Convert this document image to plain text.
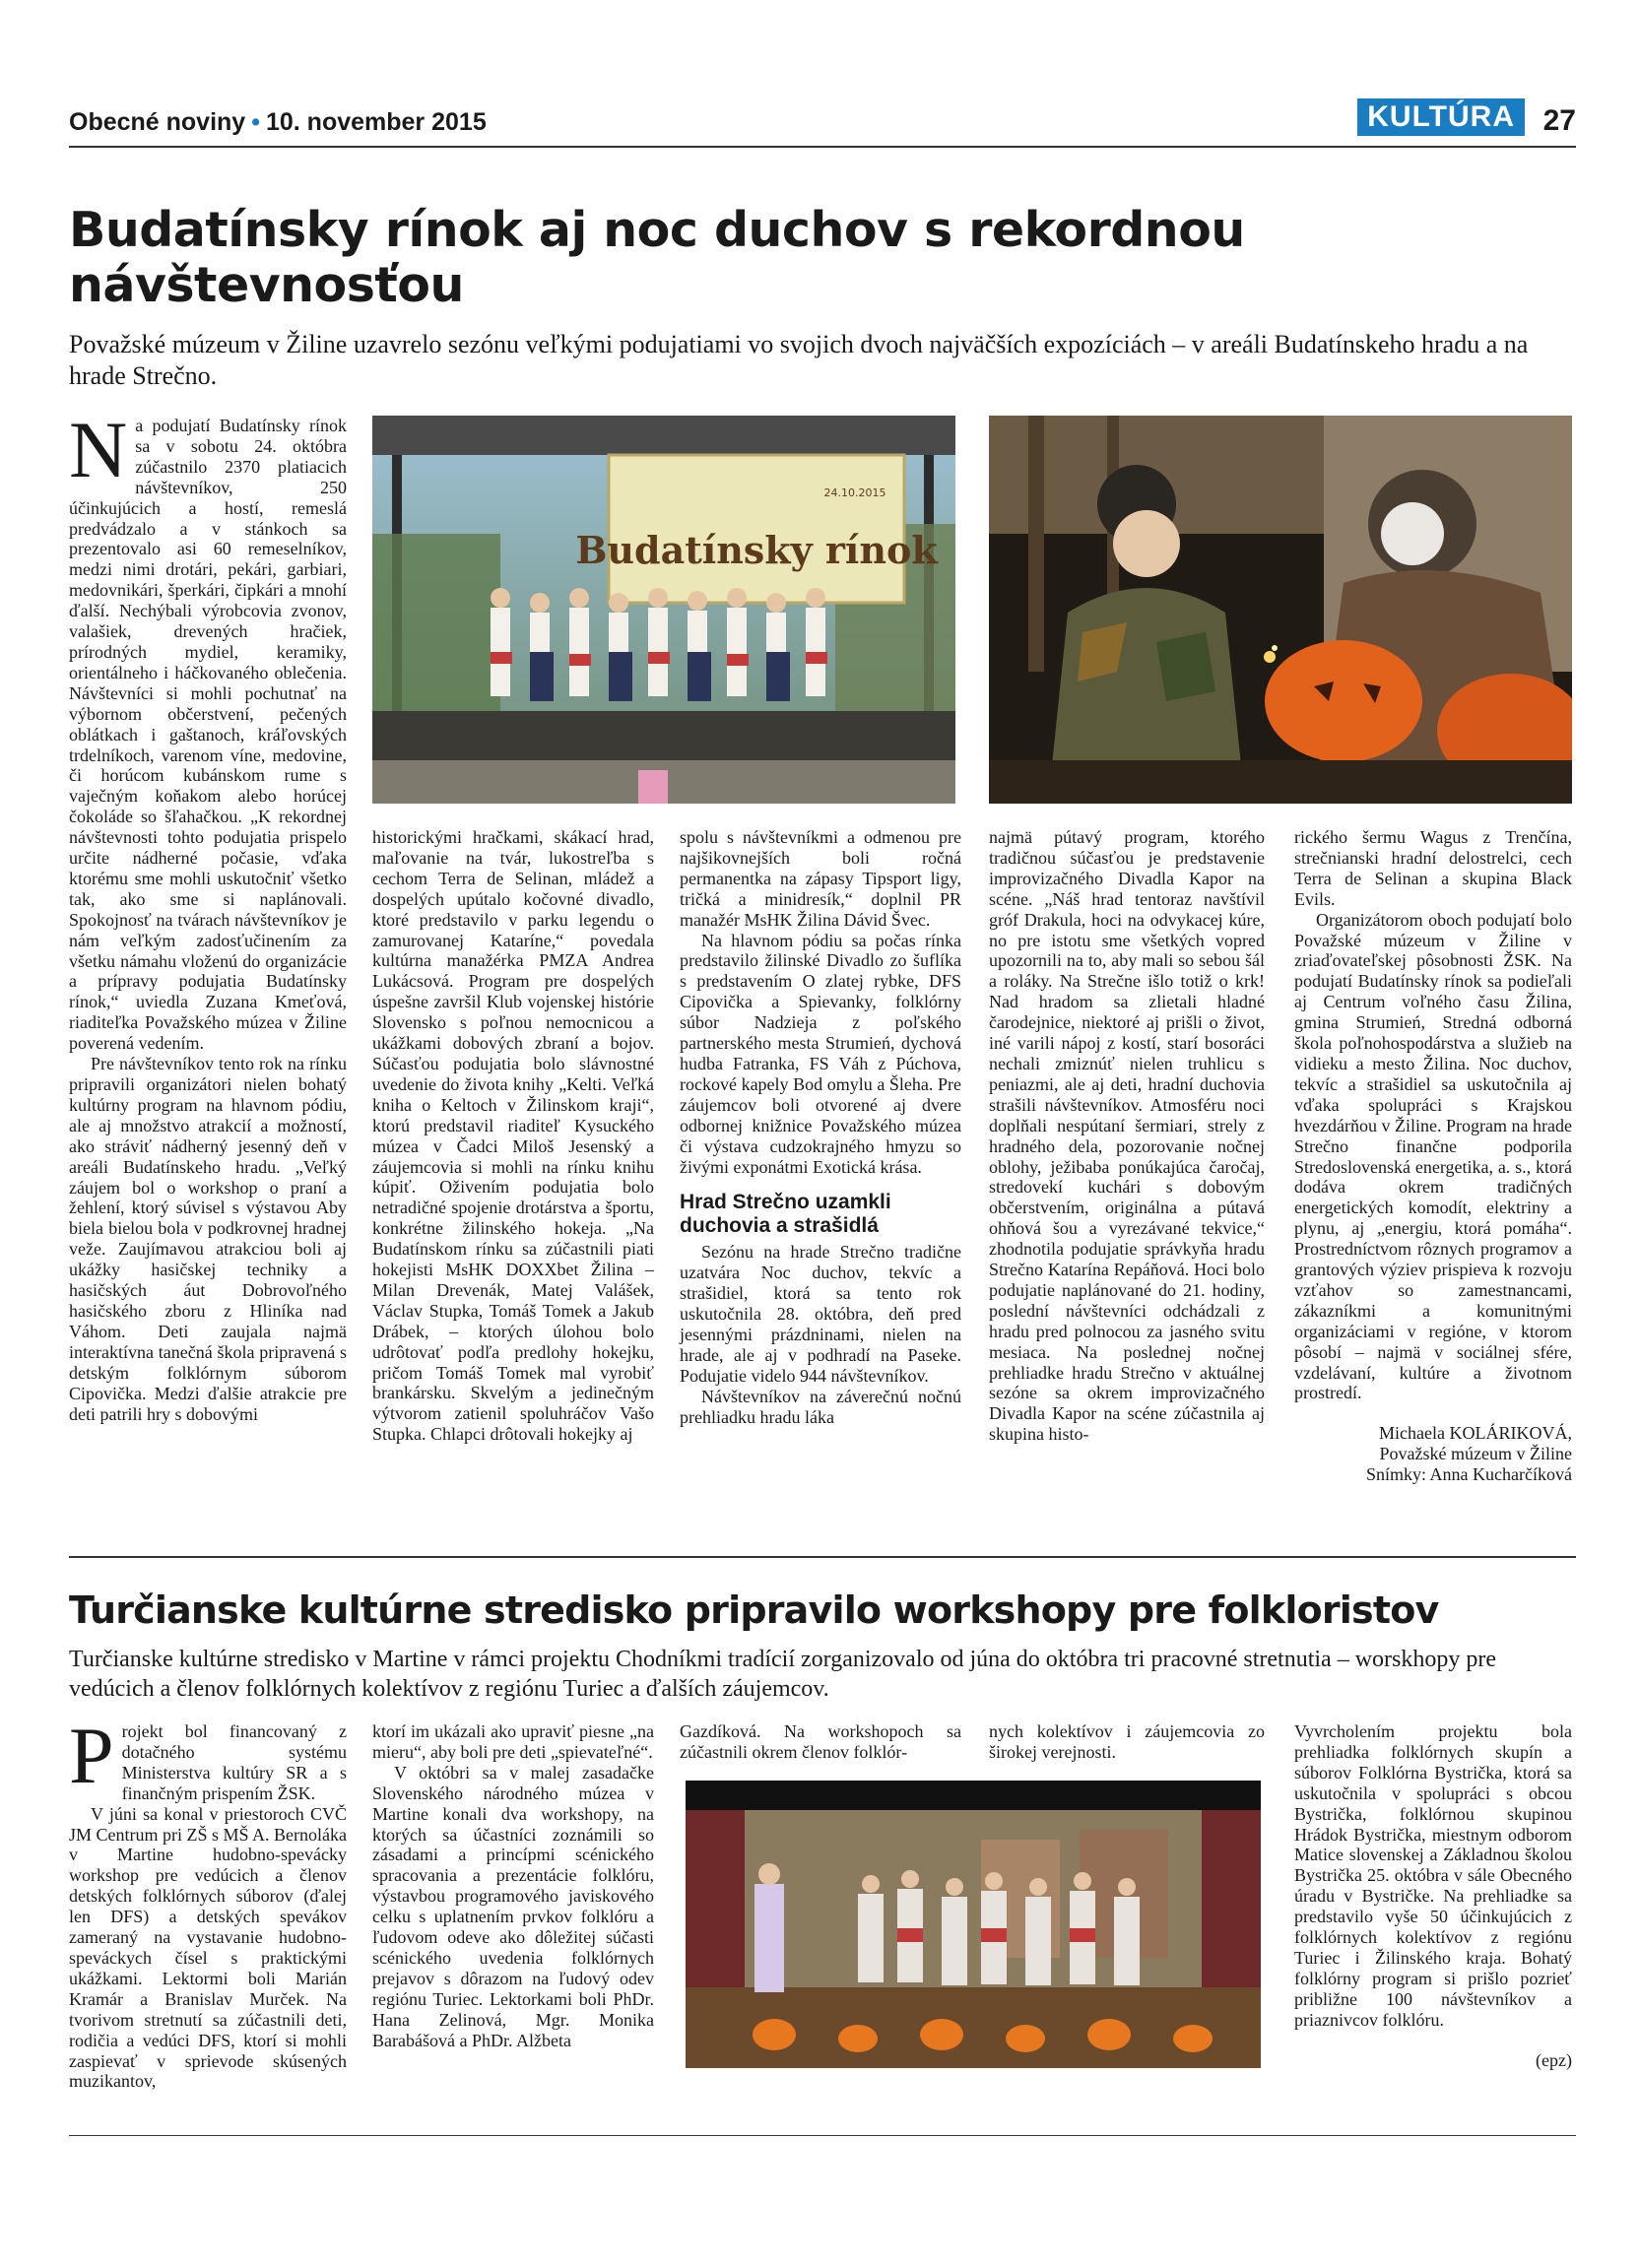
Obecné noviny • 10. november 2015	KULTÚRA 27
Budatínsky rínok aj noc duchov s rekordnou návštevnosťou
Považské múzeum v Žiline uzavrelo sezónu veľkými podujatiami vo svojich dvoch najväčších expozíciách – v areáli Budatínskeho hradu a na hrade Strečno.

Na podujatí Budatínsky rínok sa v sobotu 24. októbra zúčastnilo 2370 platiacich návštevníkov, 250 účinkujúcich a hostí, remeslá predvádzalo a v stánkoch sa prezentovalo asi 60 remeselníkov, medzi nimi drotári, pekári, garbiari, medovnikári, šperkári, čipkári a mnohí ďalší. Nechýbali výrobcovia zvonov, valašiek, drevených hračiek, prírodných mydiel, keramiky, orientálneho i háčkovaného oblečenia. Návštevníci si mohli pochutnať na výbornom občerstvení, pečených oblátkach i gaštanoch, kráľovských trdelníkoch, varenom víne, medovine, či horúcom kubánskom rume s vaječným koňakom alebo horúcej čokoláde so šľahačkou. „K rekordnej návštevnosti tohto podujatia prispelo určite nádherné počasie, vďaka ktorému sme mohli uskutočniť všetko tak, ako sme si naplánovali. Spokojnosť na tvárach návštevníkov je nám veľkým zadosťučinením za všetku námahu vloženú do organizácie a prípravy podujatia Budatínsky rínok,“ uviedla Zuzana Kmeťová, riaditeľka Považského múzea v Žiline poverená vedením.

Pre návštevníkov tento rok na rínku pripravili organizátori nielen bohatý kultúrny program na hlavnom pódiu, ale aj množstvo atrakcií a možností, ako stráviť nádherný jesenný deň v areáli Budatínskeho hradu. „Veľký záujem bol o workshop o praní a žehlení, ktorý súvisel s výstavou Aby biela bielou bola v podkrovnej hradnej veže. Zaujímavou atrakciou boli aj ukážky hasičskej techniky a hasičských áut Dobrovoľného hasičského zboru z Hliníka nad Váhom. Deti zaujala najmä interaktívna tanečná škola pripravená s detským folklórnym súborom Cipovička. Medzi ďalšie atrakcie pre deti patrili hry s dobovými

Budatínsky rínok
24.10.2015

historickými hračkami, skákací hrad, maľovanie na tvár, lukostreľba s cechom Terra de Selinan, mládež a dospelých upútalo kočovné divadlo, ktoré predstavilo v parku legendu o zamurovanej Kataríne,“ povedala kultúrna manažérka PMZA Andrea Lukácsová. Program pre dospelých úspešne završil Klub vojenskej histórie Slovensko s poľnou nemocnicou a ukážkami dobových zbraní a bojov. Súčasťou podujatia bolo slávnostné uvedenie do života knihy „Kelti. Veľká kniha o Keltoch v Žilinskom kraji“, ktorú predstavil riaditeľ Kysuckého múzea v Čadci Miloš Jesenský a záujemcovia si mohli na rínku knihu kúpiť. Oživením podujatia bolo netradičné spojenie drotárstva a športu, konkrétne žilinského hokeja. „Na Budatínskom rínku sa zúčastnili piati hokejisti MsHK DOXXbet Žilina – Milan Drevenák, Matej Valášek, Václav Stupka, Tomáš Tomek a Jakub Drábek, – ktorých úlohou bolo udrôtovať podľa predlohy hokejku, pričom Tomáš Tomek mal vyrobiť brankársku. Skvelým a jedinečným výtvorom zatienil spoluhráčov Vašo Stupka. Chlapci drôtovali hokejky aj

spolu s návštevníkmi a odmenou pre najšikovnejších boli ročná permanentka na zápasy Tipsport ligy, tričká a minidresík,“ doplnil PR manažér MsHK Žilina Dávid Švec.

Na hlavnom pódiu sa počas rínka predstavilo žilinské Divadlo zo šuflíka s predstavením O zlatej rybke, DFS Cipovička a Spievanky, folklórny súbor Nadzieja z poľského partnerského mesta Strumień, dychová hudba Fatranka, FS Váh z Púchova, rockové kapely Bod omylu a Šleha. Pre záujemcov boli otvorené aj dvere odbornej knižnice Považského múzea či výstava cudzokrajného hmyzu so živými exponátmi Exotická krása.

Hrad Strečno uzamkli duchovia a strašidlá

Sezónu na hrade Strečno tradične uzatvára Noc duchov, tekvíc a strašidiel, ktorá sa tento rok uskutočnila 28. októbra, deň pred jesennými prázdninami, nielen na hrade, ale aj v podhradí na Paseke. Podujatie videlo 944 návštevníkov.

Návštevníkov na záverečnú nočnú prehliadku hradu láka

najmä pútavý program, ktorého tradičnou súčasťou je predstavenie improvizačného Divadla Kapor na scéne. „Náš hrad tentoraz navštívil gróf Drakula, hoci na odvykacej kúre, no pre istotu sme všetkých vopred upozornili na to, aby mali so sebou šál a roláky. Na Strečne išlo totiž o krk! Nad hradom sa zlietali hladné čarodejnice, niektoré aj prišli o život, iné varili nápoj z kostí, starí bosoráci nechali zmiznúť nielen truhlicu s peniazmi, ale aj deti, hradní duchovia strašili návštevníkov. Atmosféru noci doplňali nespútaní šermiari, strely z hradného dela, pozorovanie nočnej oblohy, ježibaba ponúkajúca čaročaj, stredovekí kuchári s dobovým občerstvením, originálna a pútavá ohňová šou a vyrezávané tekvice,“ zhodnotila podujatie správkyňa hradu Strečno Katarína Repáňová. Hoci bolo podujatie naplánované do 21. hodiny, poslední návštevníci odchádzali z hradu pred polnocou za jasného svitu mesiaca. Na poslednej nočnej prehliadke hradu Strečno v aktuálnej sezóne sa okrem improvizačného Divadla Kapor na scéne zúčastnila aj skupina histo-

rického šermu Wagus z Trenčína, strečnianski hradní delostrelci, cech Terra de Selinan a skupina Black Evils.

Organizátorom oboch podujatí bolo Považské múzeum v Žiline v zriaďovateľskej pôsobnosti ŽSK. Na podujatí Budatínsky rínok sa podieľali aj Centrum voľného času Žilina, gmina Strumień, Stredná odborná škola poľnohospodárstva a služieb na vidieku a mesto Žilina. Noc duchov, tekvíc a strašidiel sa uskutočnila aj vďaka spolupráci s Krajskou hvezdárňou v Žiline. Program na hrade Strečno finančne podporila Stredoslovenská energetika, a. s., ktorá dodáva okrem tradičných energetických komodít, elektriny a plynu, aj „energiu, ktorá pomáha“. Prostredníctvom rôznych programov a grantových výziev prispieva k rozvoju vzťahov so zamestnancami, zákazníkmi a komunitnými organizáciami v regióne, v ktorom pôsobí – najmä v sociálnej sfére, vzdelávaní, kultúre a životnom prostredí.

Michaela KOLÁRIKOVÁ,

Považské múzeum v Žiline

Snímky: Anna Kucharčíková

Turčianske kultúrne stredisko pripravilo workshopy pre folkloristov
Turčianske kultúrne stredisko v Martine v rámci projektu Chodníkmi tradícií zorganizovalo od júna do októbra tri pracovné stretnutia – worskhopy pre vedúcich a členov folklórnych kolektívov z regiónu Turiec a ďalších záujemcov.

Projekt bol financovaný z dotačného systému Ministerstva kultúry SR a s finančným prispením ŽSK.

V júni sa konal v priestoroch CVČ JM Centrum pri ZŠ s MŠ A. Bernoláka v Martine hudobno-spevácky workshop pre vedúcich a členov detských folklórnych súborov (ďalej len DFS) a detských spevákov zameraný na vystavanie hudobno-speváckych čísel s praktickými ukážkami. Lektormi boli Marián Kramár a Branislav Murček. Na tvorivom stretnutí sa zúčastnili deti, rodičia a vedúci DFS, ktorí si mohli zaspievať v sprievode skúsených muzikantov,

ktorí im ukázali ako upraviť piesne „na mieru“, aby boli pre deti „spievateľné“.

V októbri sa v malej zasadačke Slovenského národného múzea v Martine konali dva workshopy, na ktorých sa účastníci zoznámili so zásadami a princípmi scénického spracovania a prezentácie folklóru, výstavbou programového javiskového celku s uplatnením prvkov folklóru a ľudovom odeve ako dôležitej súčasti scénického uvedenia folklórnych prejavov s dôrazom na ľudový odev regiónu Turiec. Lektorkami boli PhDr. Hana Zelinová, Mgr. Monika Barabášová a PhDr. Alžbeta

Gazdíková. Na workshopoch sa zúčastnili okrem členov folklór-

nych kolektívov i záujemcovia zo širokej verejnosti.

Vyvrcholením projektu bola prehliadka folklórnych skupín a súborov Folklórna Bystrička, ktorá sa uskutočnila v spolupráci s obcou Bystrička, folklórnou skupinou Hrádok Bystrička, miestnym odborom Matice slovenskej a Základnou školou Bystrička 25. októbra v sále Obecného úradu v Bystričke. Na prehliadke sa predstavilo vyše 50 účinkujúcich z folklórnych kolektívov z regiónu Turiec i Žilinského kraja. Bohatý folklórny program si prišlo pozrieť približne 100 návštevníkov a priaznivcov folklóru.

(epz)
